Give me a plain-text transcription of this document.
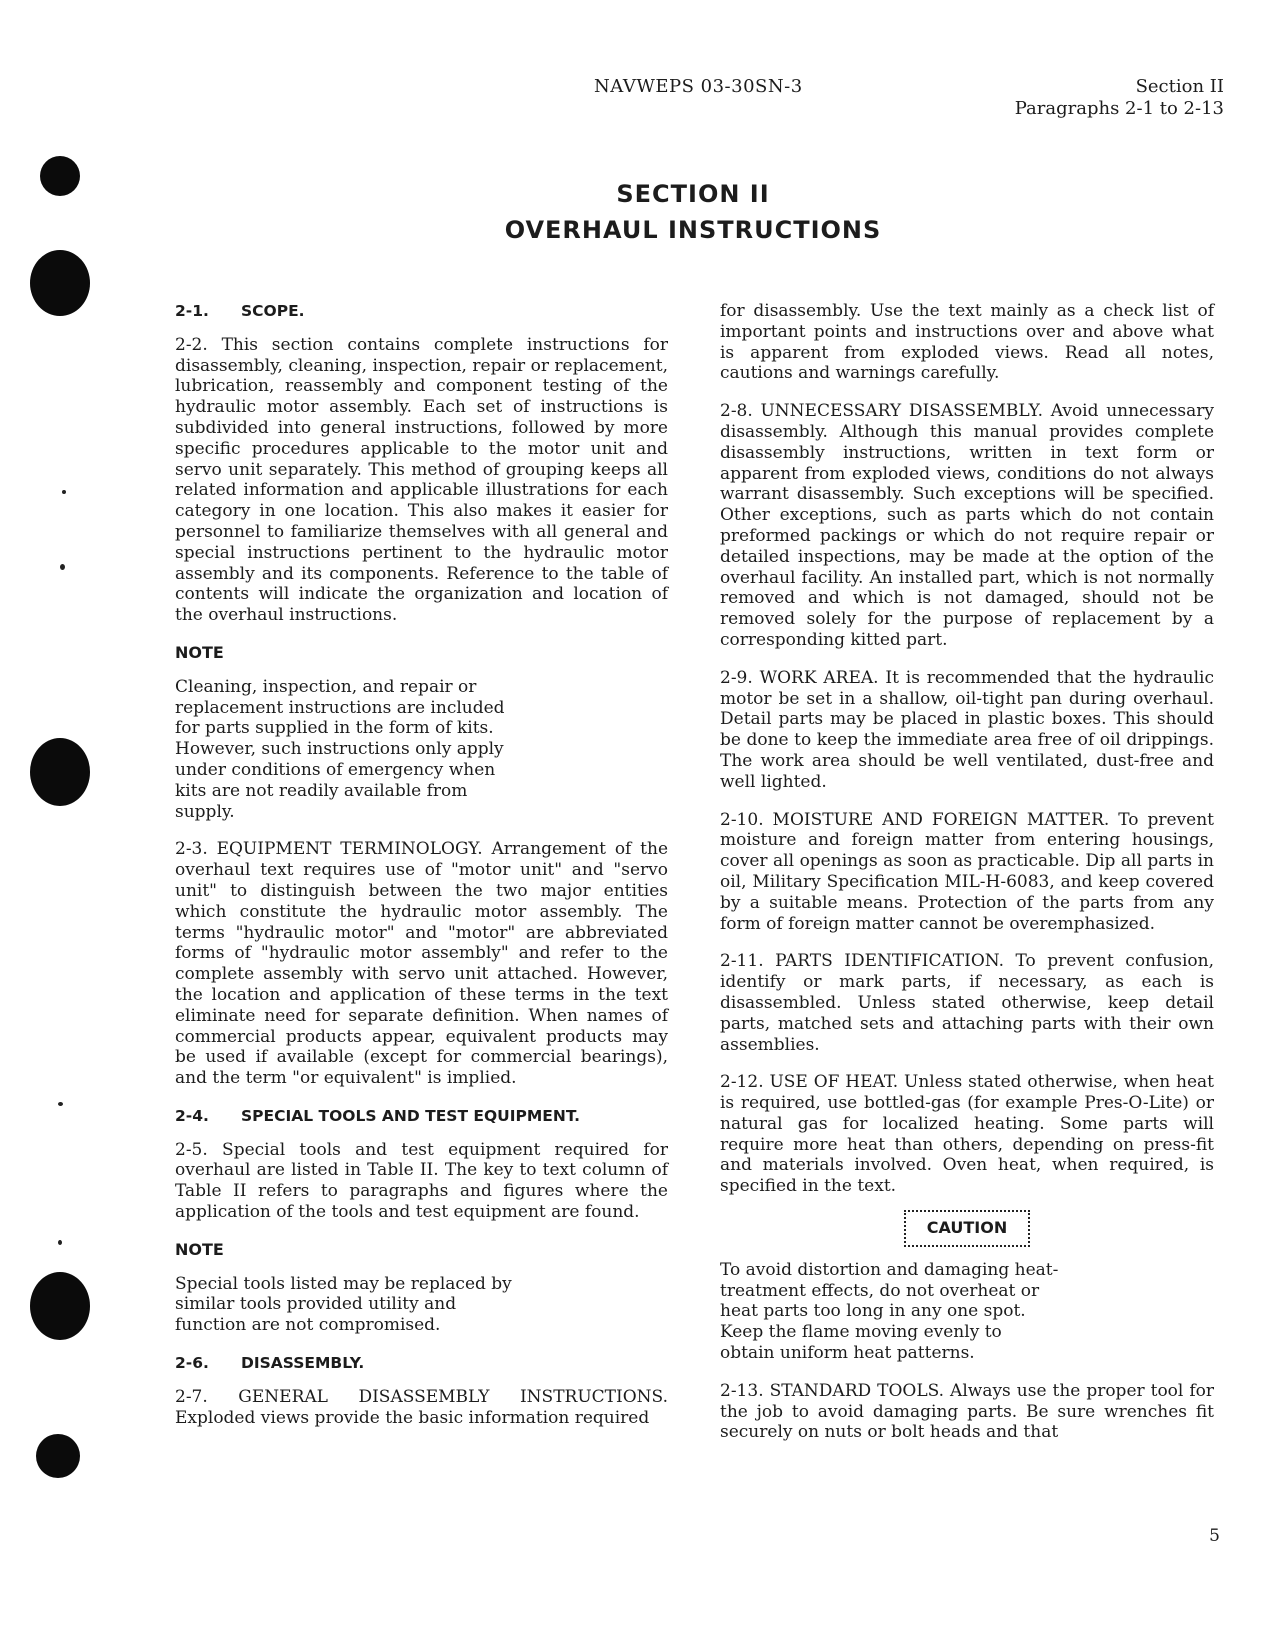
NAVWEPS 03-30SN-3	Section II
Paragraphs 2-1 to 2-13
SECTION II
OVERHAUL INSTRUCTIONS

2-1. SCOPE.

2-2. This section contains complete instructions for disassembly, cleaning, inspection, repair or replacement, lubrication, reassembly and component testing of the hydraulic motor assembly. Each set of instructions is subdivided into general instructions, followed by more specific procedures applicable to the motor unit and servo unit separately. This method of grouping keeps all related information and applicable illustrations for each category in one location. This also makes it easier for personnel to familiarize themselves with all general and special instructions pertinent to the hydraulic motor assembly and its components. Reference to the table of contents will indicate the organization and location of the overhaul instructions.

NOTE

Cleaning, inspection, and repair or replacement instructions are included for parts supplied in the form of kits. However, such instructions only apply under conditions of emergency when kits are not readily available from supply.

2-3. EQUIPMENT TERMINOLOGY. Arrangement of the overhaul text requires use of "motor unit" and "servo unit" to distinguish between the two major entities which constitute the hydraulic motor assembly. The terms "hydraulic motor" and "motor" are abbreviated forms of "hydraulic motor assembly" and refer to the complete assembly with servo unit attached. However, the location and application of these terms in the text eliminate need for separate definition. When names of commercial products appear, equivalent products may be used if available (except for commercial bearings), and the term "or equivalent" is implied.

2-4. SPECIAL TOOLS AND TEST EQUIPMENT.

2-5. Special tools and test equipment required for overhaul are listed in Table II. The key to text column of Table II refers to paragraphs and figures where the application of the tools and test equipment are found.

NOTE

Special tools listed may be replaced by similar tools provided utility and function are not compromised.

2-6. DISASSEMBLY.

2-7. GENERAL DISASSEMBLY INSTRUCTIONS. Exploded views provide the basic information required

for disassembly. Use the text mainly as a check list of important points and instructions over and above what is apparent from exploded views. Read all notes, cautions and warnings carefully.

2-8. UNNECESSARY DISASSEMBLY. Avoid unnecessary disassembly. Although this manual provides complete disassembly instructions, written in text form or apparent from exploded views, conditions do not always warrant disassembly. Such exceptions will be specified. Other exceptions, such as parts which do not contain preformed packings or which do not require repair or detailed inspections, may be made at the option of the overhaul facility. An installed part, which is not normally removed and which is not damaged, should not be removed solely for the purpose of replacement by a corresponding kitted part.

2-9. WORK AREA. It is recommended that the hydraulic motor be set in a shallow, oil-tight pan during overhaul. Detail parts may be placed in plastic boxes. This should be done to keep the immediate area free of oil drippings. The work area should be well ventilated, dust-free and well lighted.

2-10. MOISTURE AND FOREIGN MATTER. To prevent moisture and foreign matter from entering housings, cover all openings as soon as practicable. Dip all parts in oil, Military Specification MIL-H-6083, and keep covered by a suitable means. Protection of the parts from any form of foreign matter cannot be overemphasized.

2-11. PARTS IDENTIFICATION. To prevent confusion, identify or mark parts, if necessary, as each is disassembled. Unless stated otherwise, keep detail parts, matched sets and attaching parts with their own assemblies.

2-12. USE OF HEAT. Unless stated otherwise, when heat is required, use bottled-gas (for example Pres-O-Lite) or natural gas for localized heating. Some parts will require more heat than others, depending on press-fit and materials involved. Oven heat, when required, is specified in the text.

CAUTION

To avoid distortion and damaging heat-treatment effects, do not overheat or heat parts too long in any one spot. Keep the flame moving evenly to obtain uniform heat patterns.

2-13. STANDARD TOOLS. Always use the proper tool for the job to avoid damaging parts. Be sure wrenches fit securely on nuts or bolt heads and that

5
